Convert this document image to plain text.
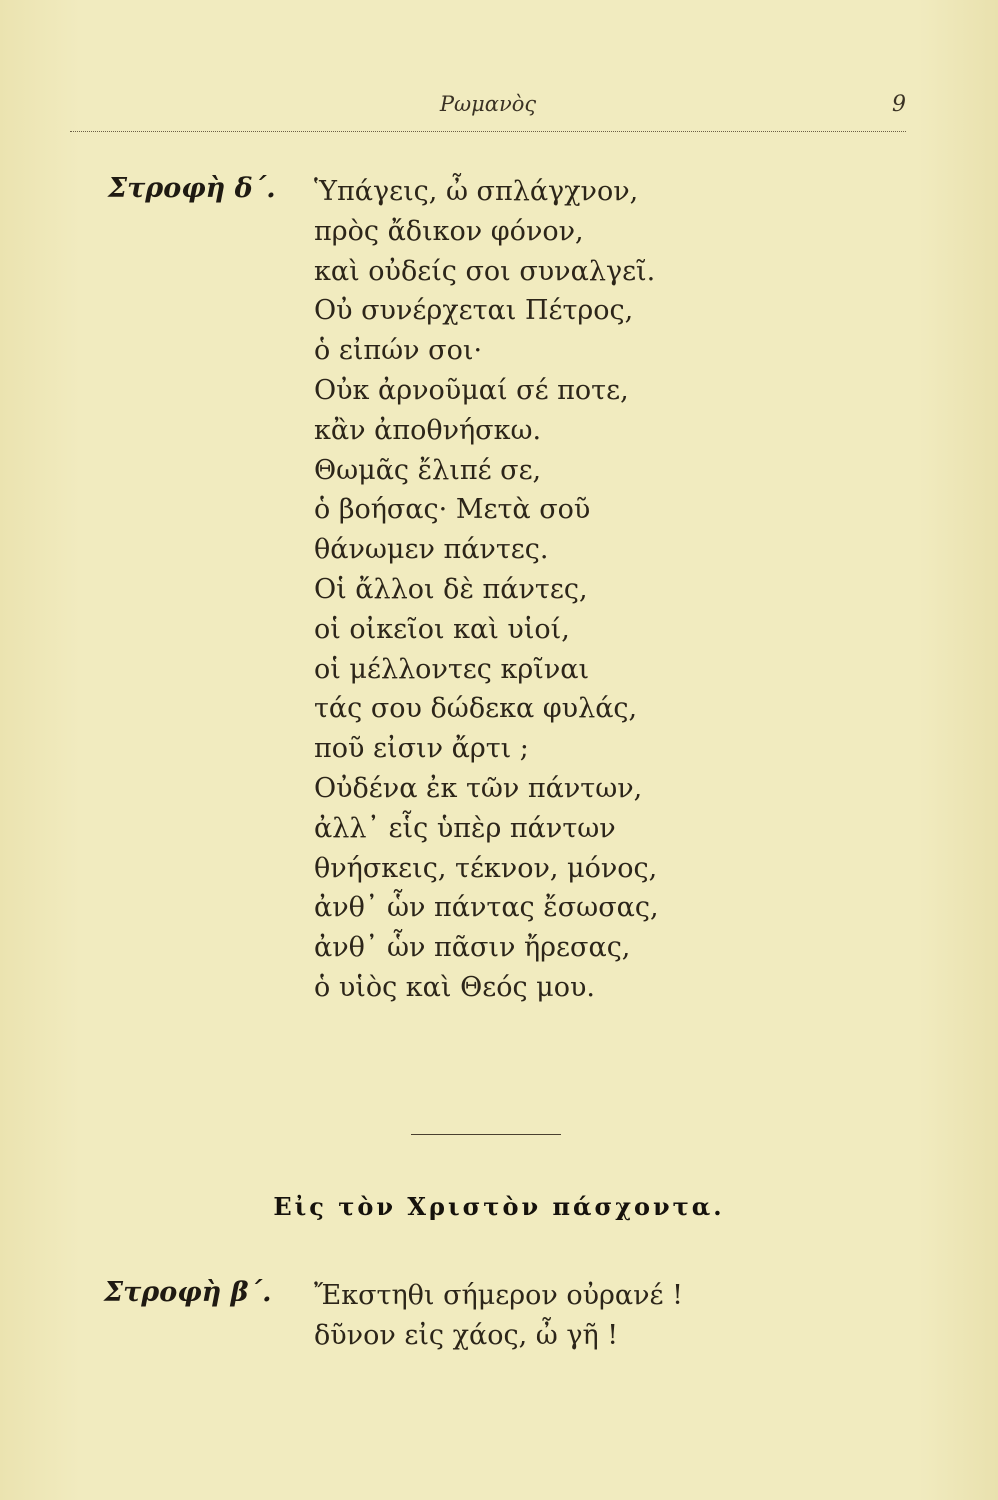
Ρωμανὸς	9
Στροφὴ δ΄. Ὑπάγεις, ὦ σπλάγχνον,
πρὸς ἄδικον φόνον,
καὶ οὐδείς σοι συναλγεῖ.
Οὐ συνέρχεται Πέτρος,
ὁ εἰπών σοι·
Οὐκ ἀρνοῦμαί σέ ποτε,
κἂν ἀποθνήσκω.
Θωμᾶς ἔλιπέ σε,
ὁ βοήσας· Μετὰ σοῦ
θάνωμεν πάντες.
Οἱ ἄλλοι δὲ πάντες,
οἱ οἰκεῖοι καὶ υἱοί,
οἱ μέλλοντες κρῖναι
τάς σου δώδεκα φυλάς,
ποῦ εἰσιν ἄρτι ;
Οὐδένα ἐκ τῶν πάντων,
ἀλλ᾿ εἷς ὑπὲρ πάντων
θνήσκεις, τέκνον, μόνος,
ἀνθ᾿ ὧν πάντας ἔσωσας,
ἀνθ᾿ ὧν πᾶσιν ἤρεσας,
ὁ υἱὸς καὶ Θεός μου.
Εἰς τὸν Χριστὸν πάσχοντα.
Στροφὴ β΄. Ἔκστηθι σήμερον οὐρανέ !
δῦνον εἰς χάος, ὦ γῆ !
